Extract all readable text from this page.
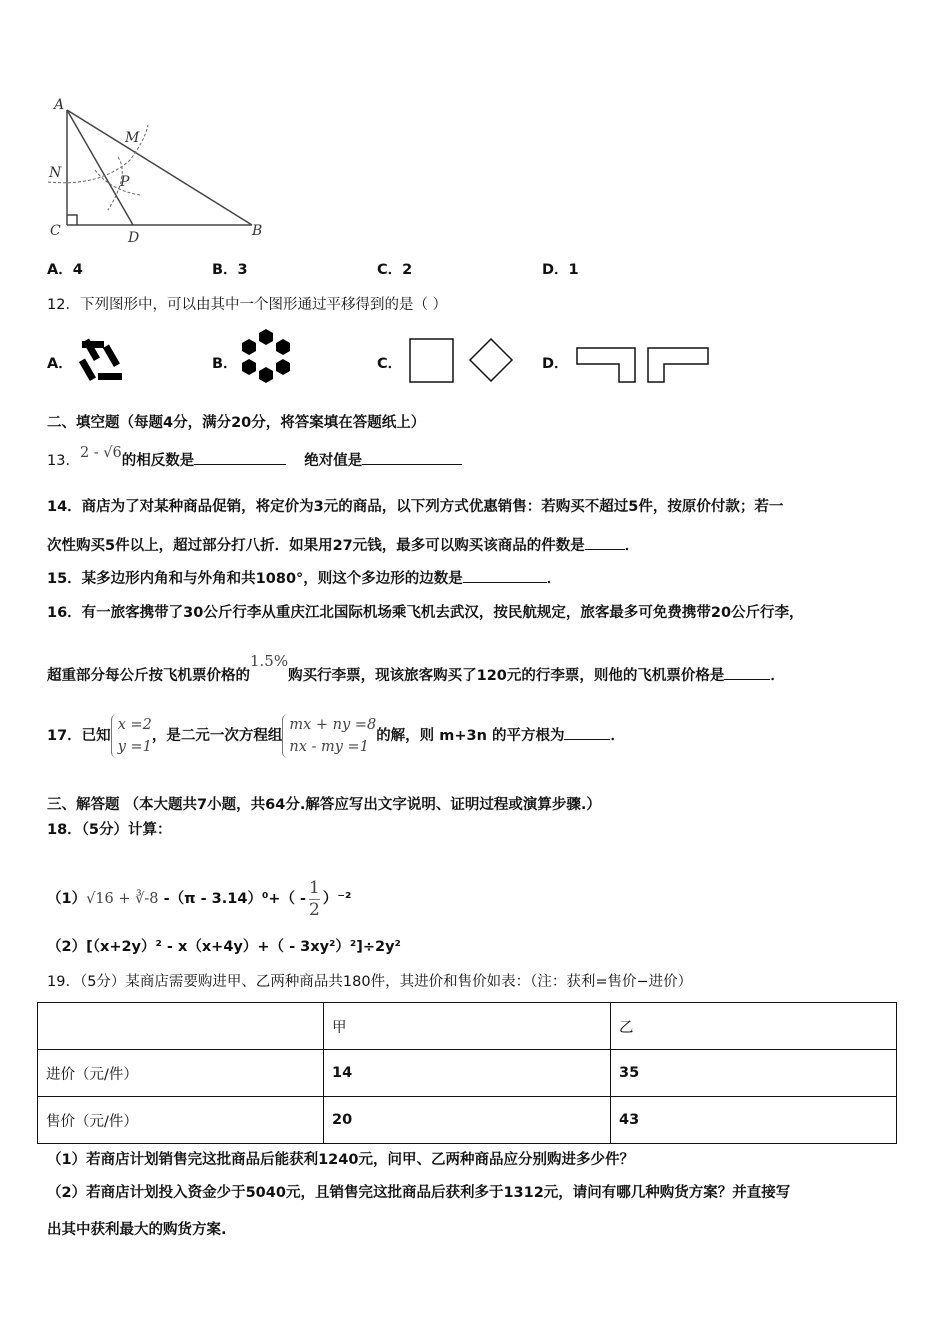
A
M
N
P
C	D	B
A．4	B．3	C．2	D．1
12．下列图形中，可以由其中一个图形通过平移得到的是（ ）
A．	B．	C．	D．
二、填空题（每题4分，满分20分，将答案填在答题纸上）
13．2 - √6的相反数是	绝对值是
14．商店为了对某种商品促销，将定价为3元的商品，以下列方式优惠销售：若购买不超过5件，按原价付款；若一
次性购买5件以上，超过部分打八折．如果用27元钱，最多可以购买该商品的件数是	．
15．某多边形内角和与外角和共1080°，则这个多边形的边数是	．
16．有一旅客携带了30公斤行李从重庆江北国际机场乘飞机去武汉，按民航规定，旅客最多可免费携带20公斤行李，
超重部分每公斤按飞机票价格的1.5%购买行李票，现该旅客购买了120元的行李票，则他的飞机票价格是	．
17．已知x =2
y =1，是二元一次方程组mx + ny =8
nx - my =1的解，则 m+3n 的平方根为	．
三、解答题 （本大题共7小题，共64分.解答应写出文字说明、证明过程或演算步骤.）
18．（5分）计算：
（1）√16 + ∛-8 $-(\pi - 3.14)^0+( - \frac{1}{2} )^{-2}$
（2）[（x+2y）² - x（x+4y）+（ - 3xy²）²]÷2y²
19．（5分）某商店需要购进甲、乙两种商品共180件，其进价和售价如表：（注：获利=售价−进价）
	甲	乙
进价（元/件）	14	35
售价（元/件）	20	43
（1）若商店计划销售完这批商品后能获利1240元，问甲、乙两种商品应分别购进多少件？
（2）若商店计划投入资金少于5040元，且销售完这批商品后获利多于1312元，请问有哪几种购货方案？并直接写
出其中获利最大的购货方案.
